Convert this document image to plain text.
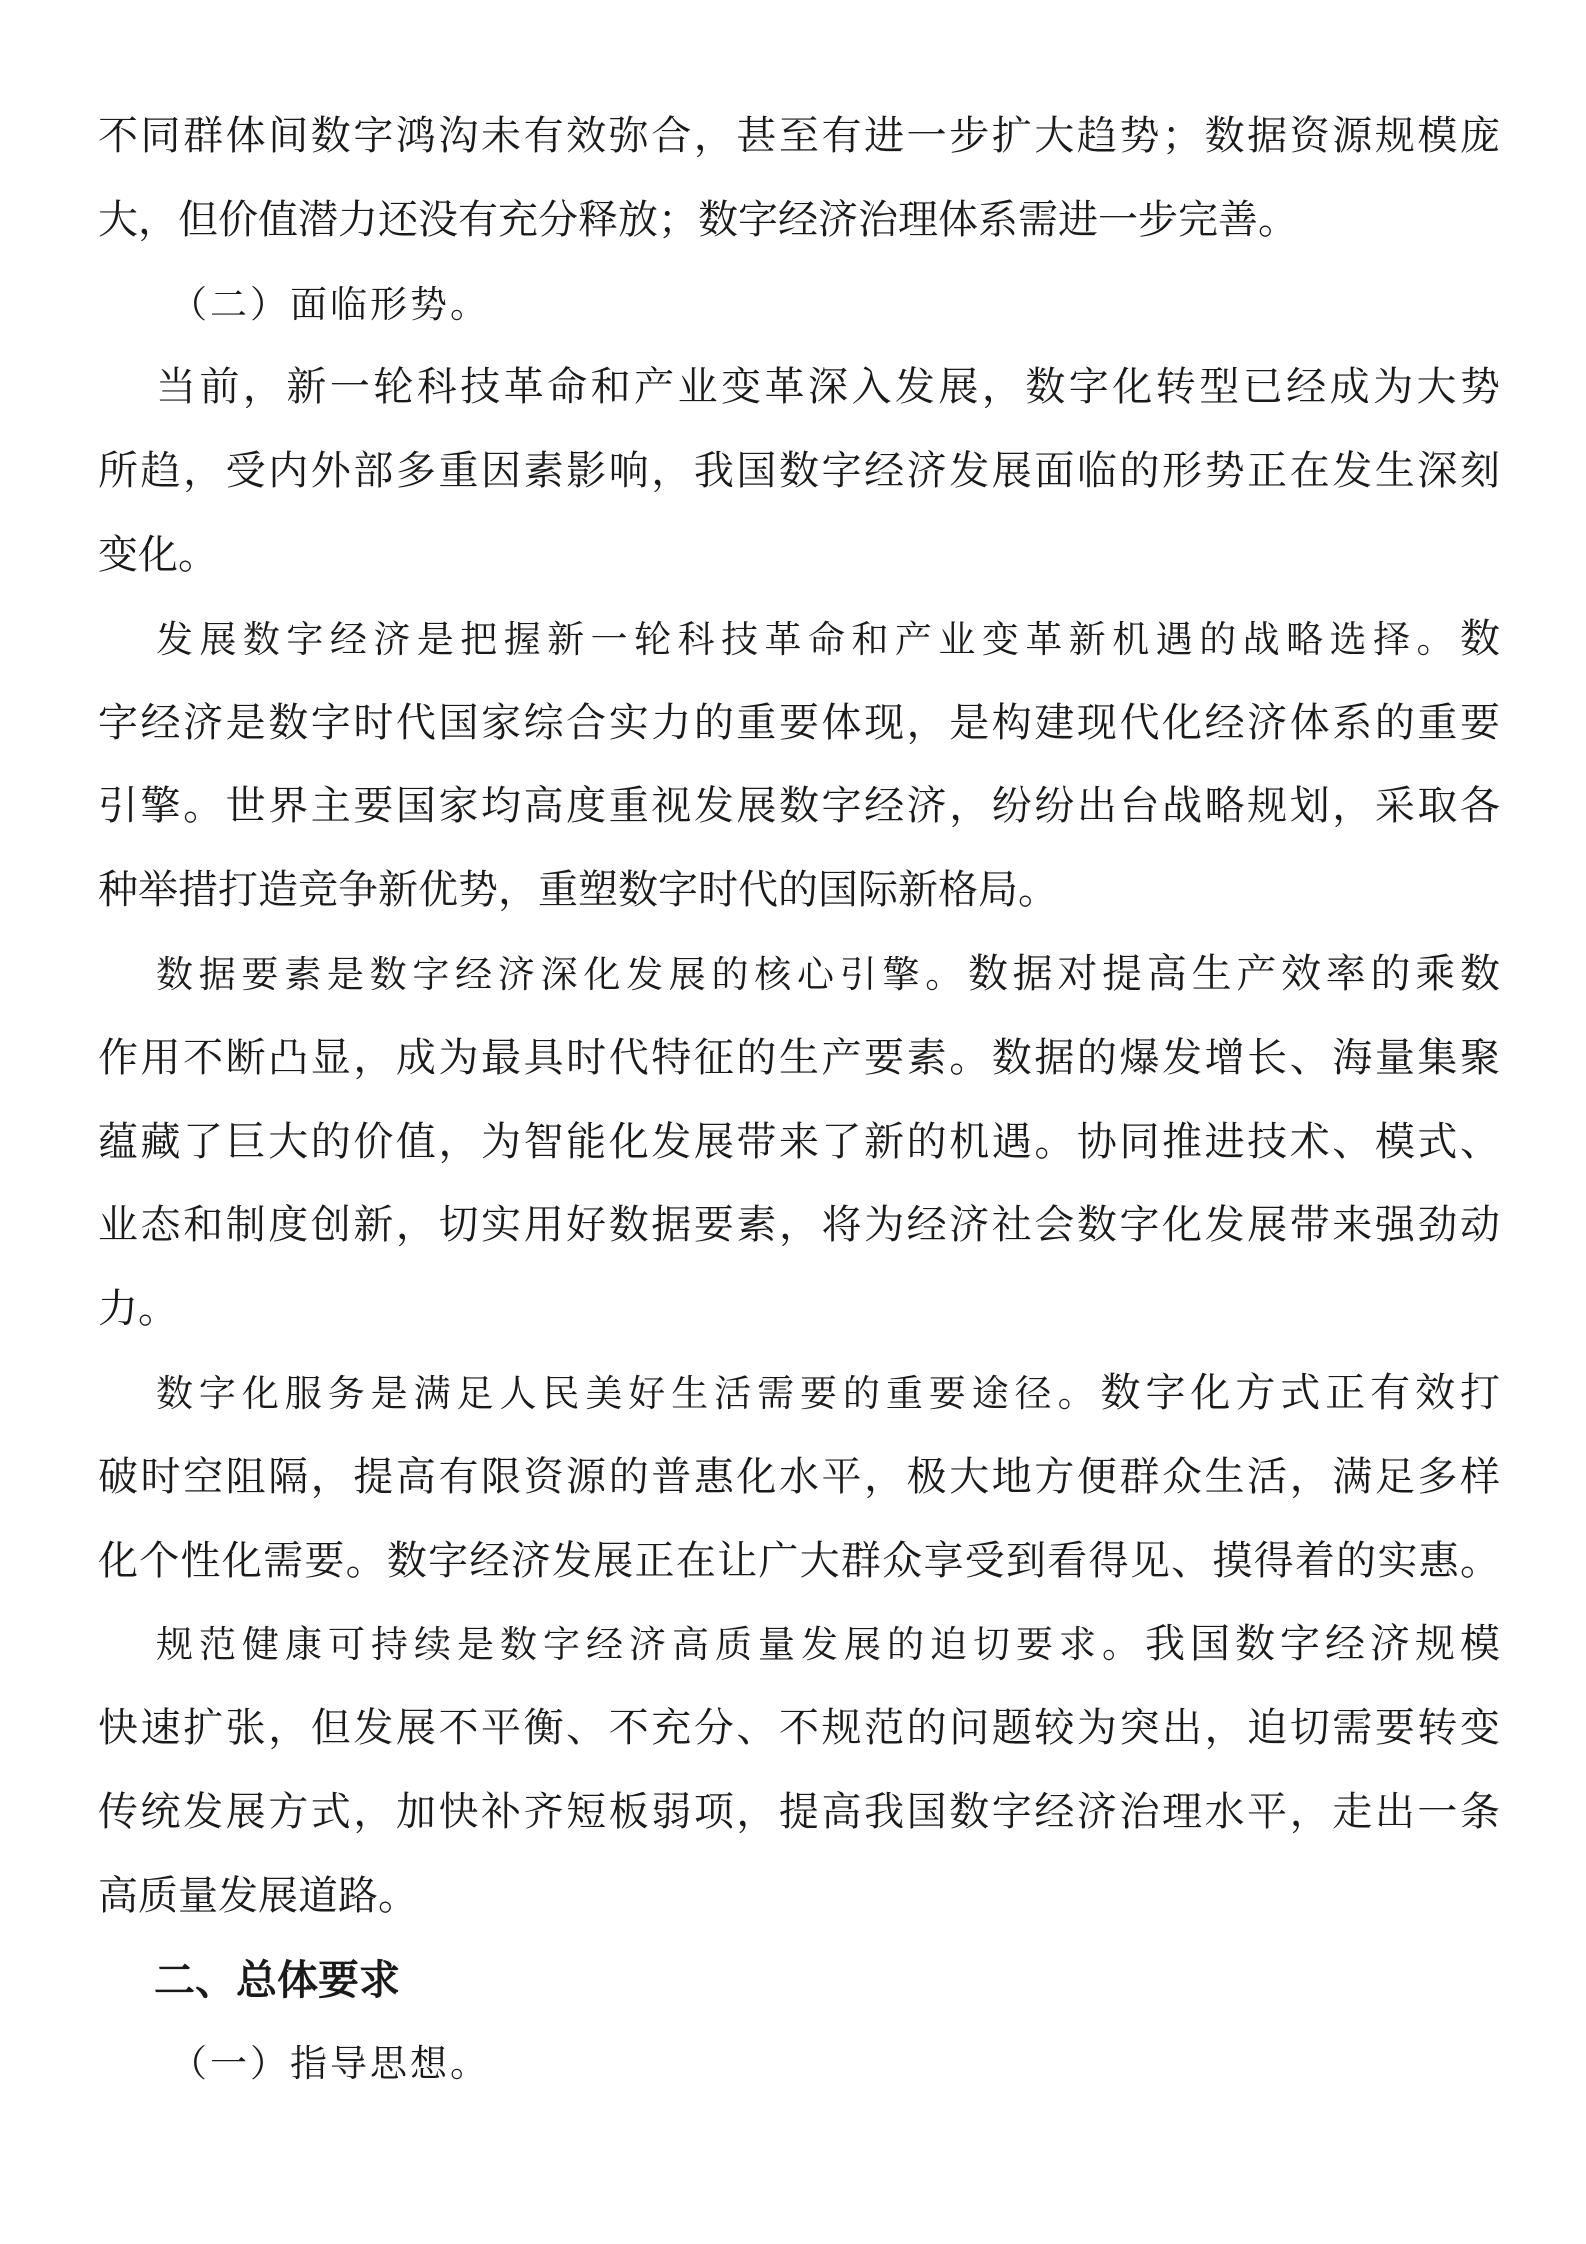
不同群体间数字鸿沟未有效弥合，甚至有进一步扩大趋势；数据资源规模庞
大，但价值潜力还没有充分释放；数字经济治理体系需进一步完善。
（二）面临形势。
当前，新一轮科技革命和产业变革深入发展，数字化转型已经成为大势
所趋，受内外部多重因素影响，我国数字经济发展面临的形势正在发生深刻
变化。
发展数字经济是把握新一轮科技革命和产业变革新机遇的战略选择。数
字经济是数字时代国家综合实力的重要体现，是构建现代化经济体系的重要
引擎。世界主要国家均高度重视发展数字经济，纷纷出台战略规划，采取各
种举措打造竞争新优势，重塑数字时代的国际新格局。
数据要素是数字经济深化发展的核心引擎。数据对提高生产效率的乘数
作用不断凸显，成为最具时代特征的生产要素。数据的爆发增长、海量集聚
蕴藏了巨大的价值，为智能化发展带来了新的机遇。协同推进技术、模式、
业态和制度创新，切实用好数据要素，将为经济社会数字化发展带来强劲动
力。
数字化服务是满足人民美好生活需要的重要途径。数字化方式正有效打
破时空阻隔，提高有限资源的普惠化水平，极大地方便群众生活，满足多样
化个性化需要。数字经济发展正在让广大群众享受到看得见、摸得着的实惠。
规范健康可持续是数字经济高质量发展的迫切要求。我国数字经济规模
快速扩张，但发展不平衡、不充分、不规范的问题较为突出，迫切需要转变
传统发展方式，加快补齐短板弱项，提高我国数字经济治理水平，走出一条
高质量发展道路。
二、总体要求
（一）指导思想。
